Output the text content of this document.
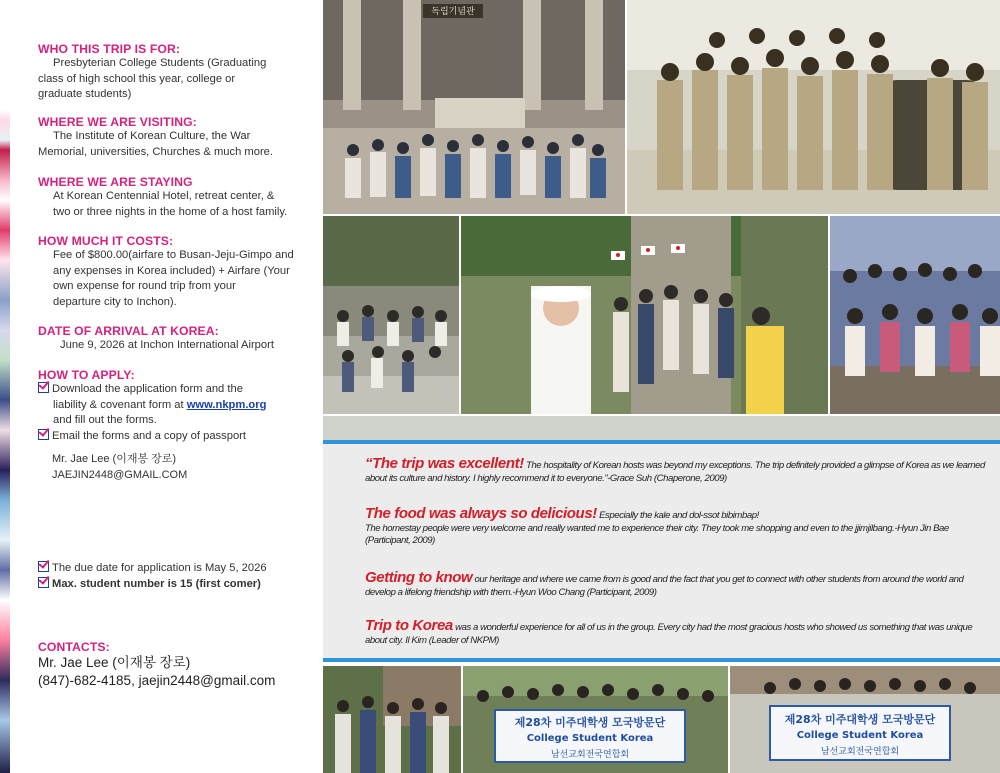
WHO THIS TRIP IS FOR:
Presbyterian College Students (Graduating
class of high school this year, college or
graduate students)
WHERE WE ARE VISITING:
The Institute of Korean Culture, the War
Memorial, universities, Churches & much more.
WHERE WE ARE STAYING
At Korean Centennial Hotel, retreat center, &
two or three nights in the home of a host family.
HOW MUCH IT COSTS:
Fee of $800.00(airfare to Busan-Jeju-Gimpo and
any expenses in Korea included) + Airfare (Your
own expense for round trip from your
departure city to Inchon).
DATE OF ARRIVAL AT KOREA:
June 9, 2026 at Inchon International Airport
HOW TO APPLY:
Download the application form and the
liability & covenant form at www.nkpm.org
and fill out the forms.
Email the forms and a copy of passport
Mr. Jae Lee (이재봉 장로)
JAEJIN2448@GMAIL.COM
The due date for application is May 5, 2026
Max. student number is 15 (first comer)
CONTACTS:
Mr. Jae Lee (이재봉 장로)
(847)-682-4185, jaejin2448@gmail.com
독립기념관
제28차 미주대학생 모국방문단
College Student Korea
남선교회전국연합회
제28차 미주대학생 모국방문단
College Student Korea
남선교회전국연합회
“The trip was excellent! The hospitality of Korean hosts was beyond my exceptions. The trip definitely provided a glimpse of Korea as we learned about its culture and history. I highly recommend it to everyone.”-Grace Suh (Chaperone, 2009)
The food was always so delicious! Especially the kale and dol-ssot bibimbap!
The homestay people were very welcome and really wanted me to experience their city. They took me shopping and even to the jjimjilbang.-Hyun Jin Bae (Participant, 2009)
Getting to know our heritage and where we came from is good and the fact that you get to connect with other students from around the world and develop a lifelong friendship with them.-Hyun Woo Chang (Participant, 2009)
Trip to Korea was a wonderful experience for all of us in the group. Every city had the most gracious hosts who showed us something that was unique about city. Il Kim (Leader of NKPM)
